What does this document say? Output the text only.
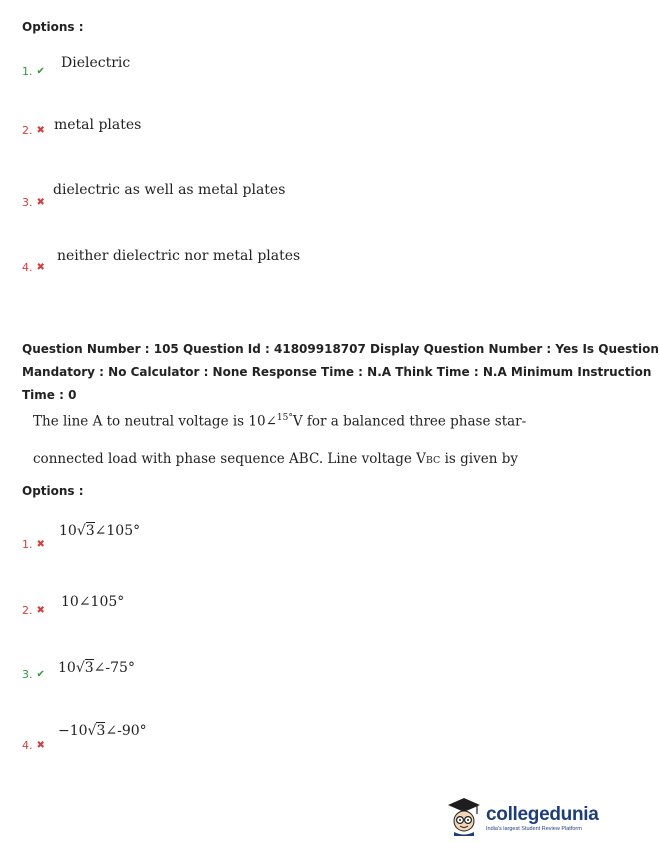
Options :
1. ✔ Dielectric
2. ✖ metal plates
3. ✖
dielectric as well as metal plates
4. ✖
neither dielectric nor metal plates
Question Number : 105 Question Id : 41809918707 Display Question Number : Yes Is Question
Mandatory : No Calculator : None Response Time : N.A Think Time : N.A Minimum Instruction
Time : 0
The line A to neutral voltage is 10∠$^{15^\circ}$V for a balanced three phase star-
connected load with phase sequence ABC. Line voltage VBC is given by
Options :
1. ✖
10√3∠105°
2. ✖ 10∠105°
3. ✔ 10√3∠-75°
4. ✖
−10√3∠-90°
collegedunia
India's largest Student Review Platform
